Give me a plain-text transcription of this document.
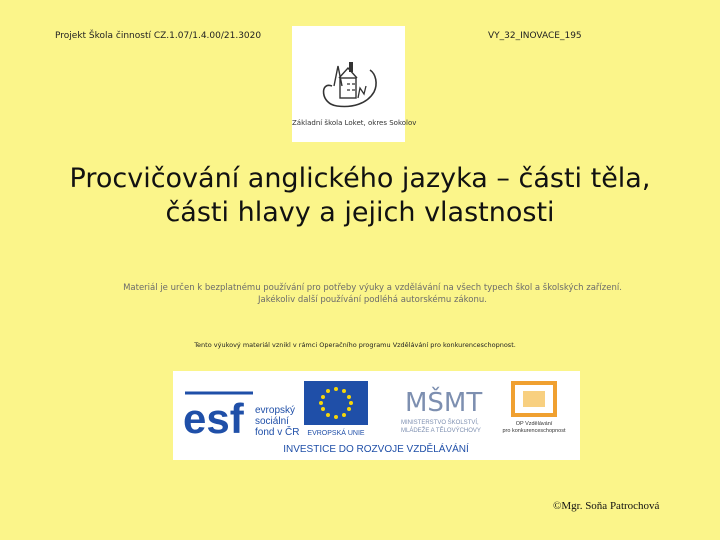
Projekt Škola činností CZ.1.07/1.4.00/21.3020	VY_32_INOVACE_195
Základní škola Loket, okres Sokolov
Procvičování anglického jazyka – části těla,
části hlavy a jejich vlastnosti
Materiál je určen k bezplatnému používání pro potřeby výuky a vzdělávání na všech typech škol a školských zařízení.
Jakékoliv další používání podléhá autorskému zákonu.
Tento výukový materiál vznikl v rámci Operačního programu Vzdělávání pro konkurenceschopnost.
esf evropský
sociální
fond v ČR EVROPSKÁ UNIE
MŠMT
MINISTERSTVO ŠKOLSTVÍ,
MLÁDEŽE A TĚLOVÝCHOVY
OP Vzdělávání
pro konkurenceschopnost
INVESTICE DO ROZVOJE VZDĚLÁVÁNÍ
©Mgr. Soňa Patrochová
